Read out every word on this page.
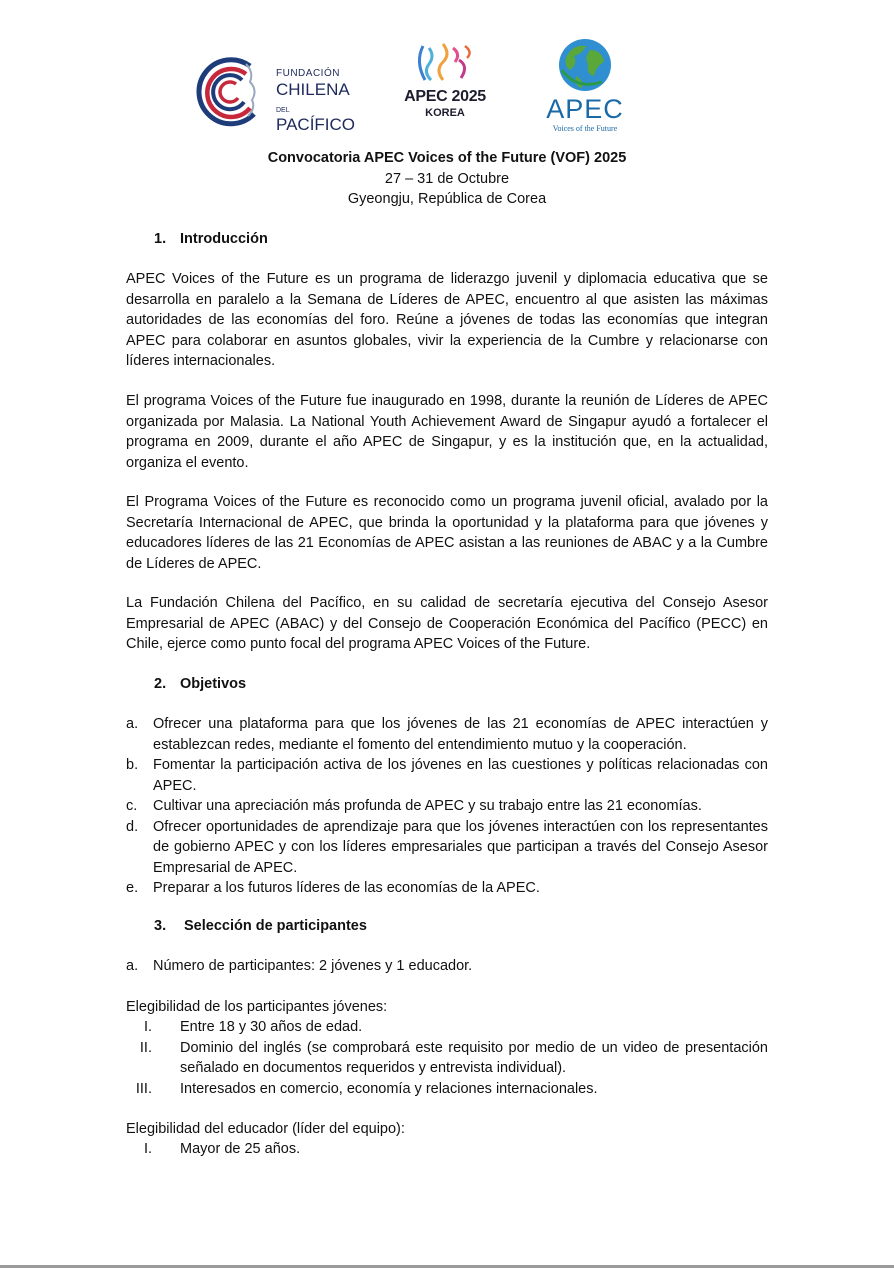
FUNDACIÓN
CHILENA DEL
PACÍFICO
APEC 2025
KOREA	APEC
Voices of the Future
Convocatoria APEC Voices of the Future (VOF) 2025
27 – 31 de Octubre
Gyeongju, República de Corea
1. Introducción
APEC Voices of the Future es un programa de liderazgo juvenil y diplomacia educativa que se desarrolla en paralelo a la Semana de Líderes de APEC, encuentro al que asisten las máximas autoridades de las economías del foro. Reúne a jóvenes de todas las economías que integran APEC para colaborar en asuntos globales, vivir la experiencia de la Cumbre y relacionarse con líderes internacionales.
El programa Voices of the Future fue inaugurado en 1998, durante la reunión de Líderes de APEC organizada por Malasia. La National Youth Achievement Award de Singapur ayudó a fortalecer el programa en 2009, durante el año APEC de Singapur, y es la institución que, en la actualidad, organiza el evento.
El Programa Voices of the Future es reconocido como un programa juvenil oficial, avalado por la Secretaría Internacional de APEC, que brinda la oportunidad y la plataforma para que jóvenes y educadores líderes de las 21 Economías de APEC asistan a las reuniones de ABAC y a la Cumbre de Líderes de APEC.
La Fundación Chilena del Pacífico, en su calidad de secretaría ejecutiva del Consejo Asesor Empresarial de APEC (ABAC) y del Consejo de Cooperación Económica del Pacífico (PECC) en Chile, ejerce como punto focal del programa APEC Voices of the Future.
2. Objetivos
a. Ofrecer una plataforma para que los jóvenes de las 21 economías de APEC interactúen y establezcan redes, mediante el fomento del entendimiento mutuo y la cooperación.
b. Fomentar la participación activa de los jóvenes en las cuestiones y políticas relacionadas con APEC.
c. Cultivar una apreciación más profunda de APEC y su trabajo entre las 21 economías.
d. Ofrecer oportunidades de aprendizaje para que los jóvenes interactúen con los representantes de gobierno APEC y con los líderes empresariales que participan a través del Consejo Asesor Empresarial de APEC.
e. Preparar a los futuros líderes de las economías de la APEC.
3. Selección de participantes
a. Número de participantes: 2 jóvenes y 1 educador.
Elegibilidad de los participantes jóvenes:
I. Entre 18 y 30 años de edad.
II. Dominio del inglés (se comprobará este requisito por medio de un video de presentación señalado en documentos requeridos y entrevista individual).
III. Interesados en comercio, economía y relaciones internacionales.
Elegibilidad del educador (líder del equipo):
I. Mayor de 25 años.
